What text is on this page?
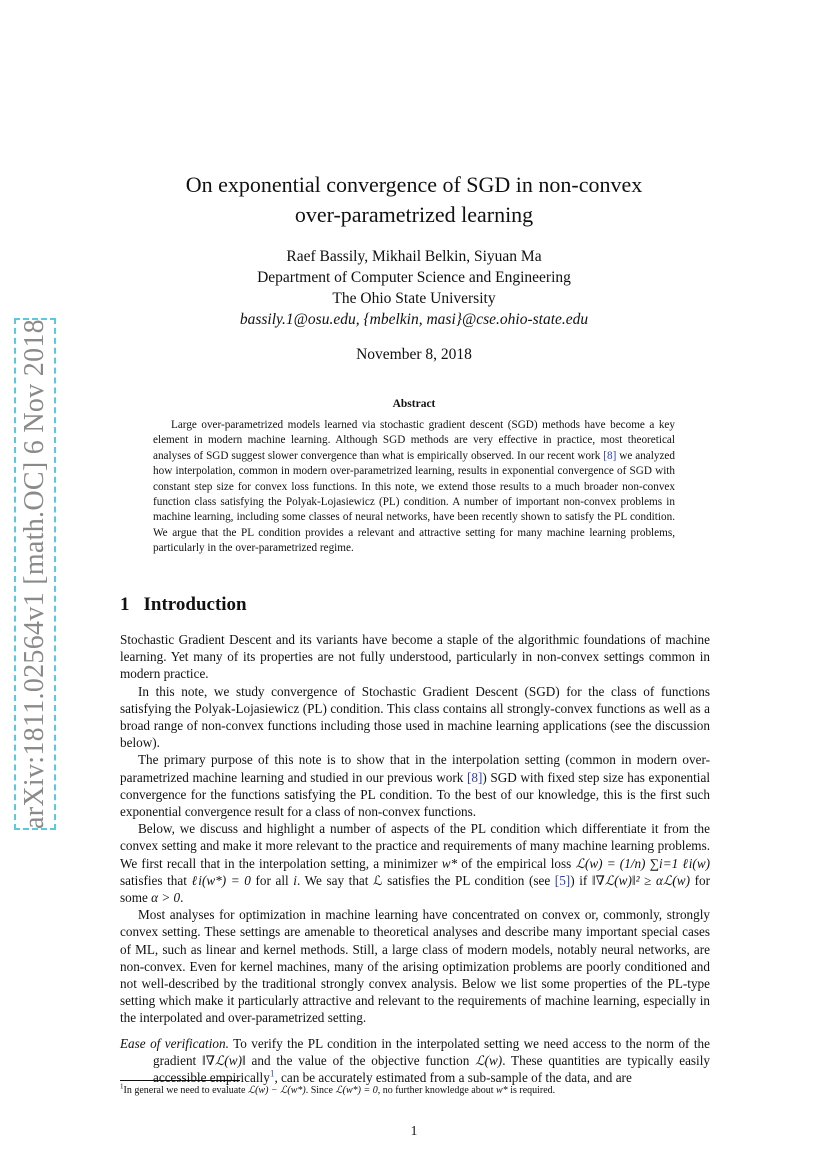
arXiv:1811.02564v1 [math.OC] 6 Nov 2018
On exponential convergence of SGD in non-convex
over-parametrized learning
Raef Bassily, Mikhail Belkin, Siyuan Ma
Department of Computer Science and Engineering
The Ohio State University
bassily.1@osu.edu, {mbelkin, masi}@cse.ohio-state.edu
November 8, 2018
Abstract

Large over-parametrized models learned via stochastic gradient descent (SGD) methods have become a key element in modern machine learning. Although SGD methods are very effective in practice, most theoretical analyses of SGD suggest slower convergence than what is empirically observed. In our recent work [8] we analyzed how interpolation, common in modern over-parametrized learning, results in exponential convergence of SGD with constant step size for convex loss functions. In this note, we extend those results to a much broader non-convex function class satisfying the Polyak-Lojasiewicz (PL) condition. A number of important non-convex problems in machine learning, including some classes of neural networks, have been recently shown to satisfy the PL condition. We argue that the PL condition provides a relevant and attractive setting for many machine learning problems, particularly in the over-parametrized regime.

1 Introduction

Stochastic Gradient Descent and its variants have become a staple of the algorithmic foundations of machine learning. Yet many of its properties are not fully understood, particularly in non-convex settings common in modern practice.

In this note, we study convergence of Stochastic Gradient Descent (SGD) for the class of functions satisfying the Polyak-Lojasiewicz (PL) condition. This class contains all strongly-convex functions as well as a broad range of non-convex functions including those used in machine learning applications (see the discussion below).

The primary purpose of this note is to show that in the interpolation setting (common in modern over-parametrized machine learning and studied in our previous work [8]) SGD with fixed step size has exponential convergence for the functions satisfying the PL condition. To the best of our knowledge, this is the first such exponential convergence result for a class of non-convex functions.

Below, we discuss and highlight a number of aspects of the PL condition which differentiate it from the convex setting and make it more relevant to the practice and requirements of many machine learning problems. We first recall that in the interpolation setting, a minimizer w* of the empirical loss ℒ(w) = (1/n) ∑i=1 ℓi(w) satisfies that ℓi(w*) = 0 for all i. We say that ℒ satisfies the PL condition (see [5]) if ‖∇ℒ(w)‖² ≥ αℒ(w) for some α > 0.

Most analyses for optimization in machine learning have concentrated on convex or, commonly, strongly convex setting. These settings are amenable to theoretical analyses and describe many important special cases of ML, such as linear and kernel methods. Still, a large class of modern models, notably neural networks, are non-convex. Even for kernel machines, many of the arising optimization problems are poorly conditioned and not well-described by the traditional strongly convex analysis. Below we list some properties of the PL-type setting which make it particularly attractive and relevant to the requirements of machine learning, especially in the interpolated and over-parametrized setting.

Ease of verification. To verify the PL condition in the interpolated setting we need access to the norm of the gradient ‖∇ℒ(w)‖ and the value of the objective function ℒ(w). These quantities are typically easily accessible empirically$^1$, can be accurately estimated from a sub-sample of the data, and are

$^1$In general we need to evaluate ℒ(w) − ℒ(w*). Since ℒ(w*) = 0, no further knowledge about w* is required.
1
